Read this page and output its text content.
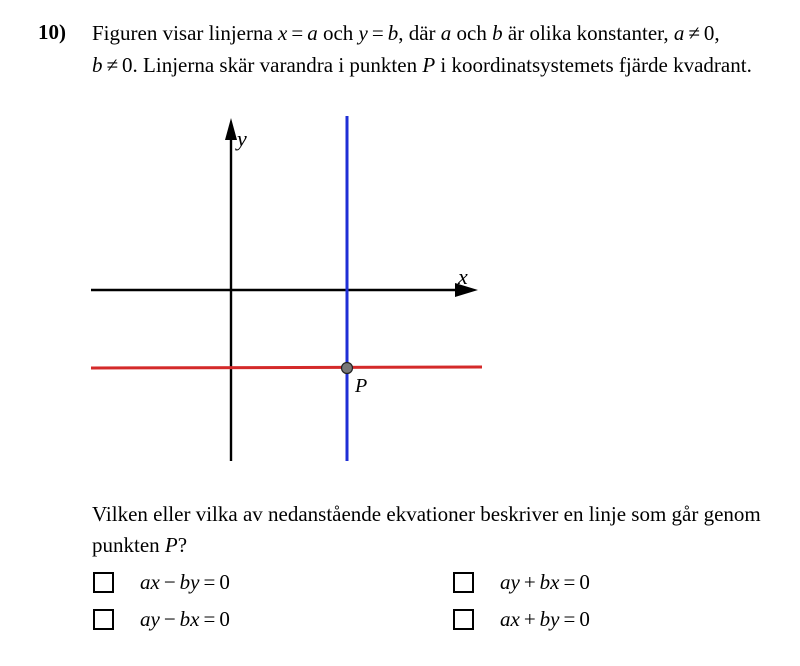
10) Figuren visar linjerna x = a och y = b, där a och b är olika konstanter, a ≠ 0,
b ≠ 0. Linjerna skär varandra i punkten P i koordinatsystemets fjärde kvadrant.
y
x
P
Vilken eller vilka av nedanstående ekvationer beskriver en linje som går genom
punkten P?
ax − by = 0
ay − bx = 0
ay + bx = 0
ax + by = 0
